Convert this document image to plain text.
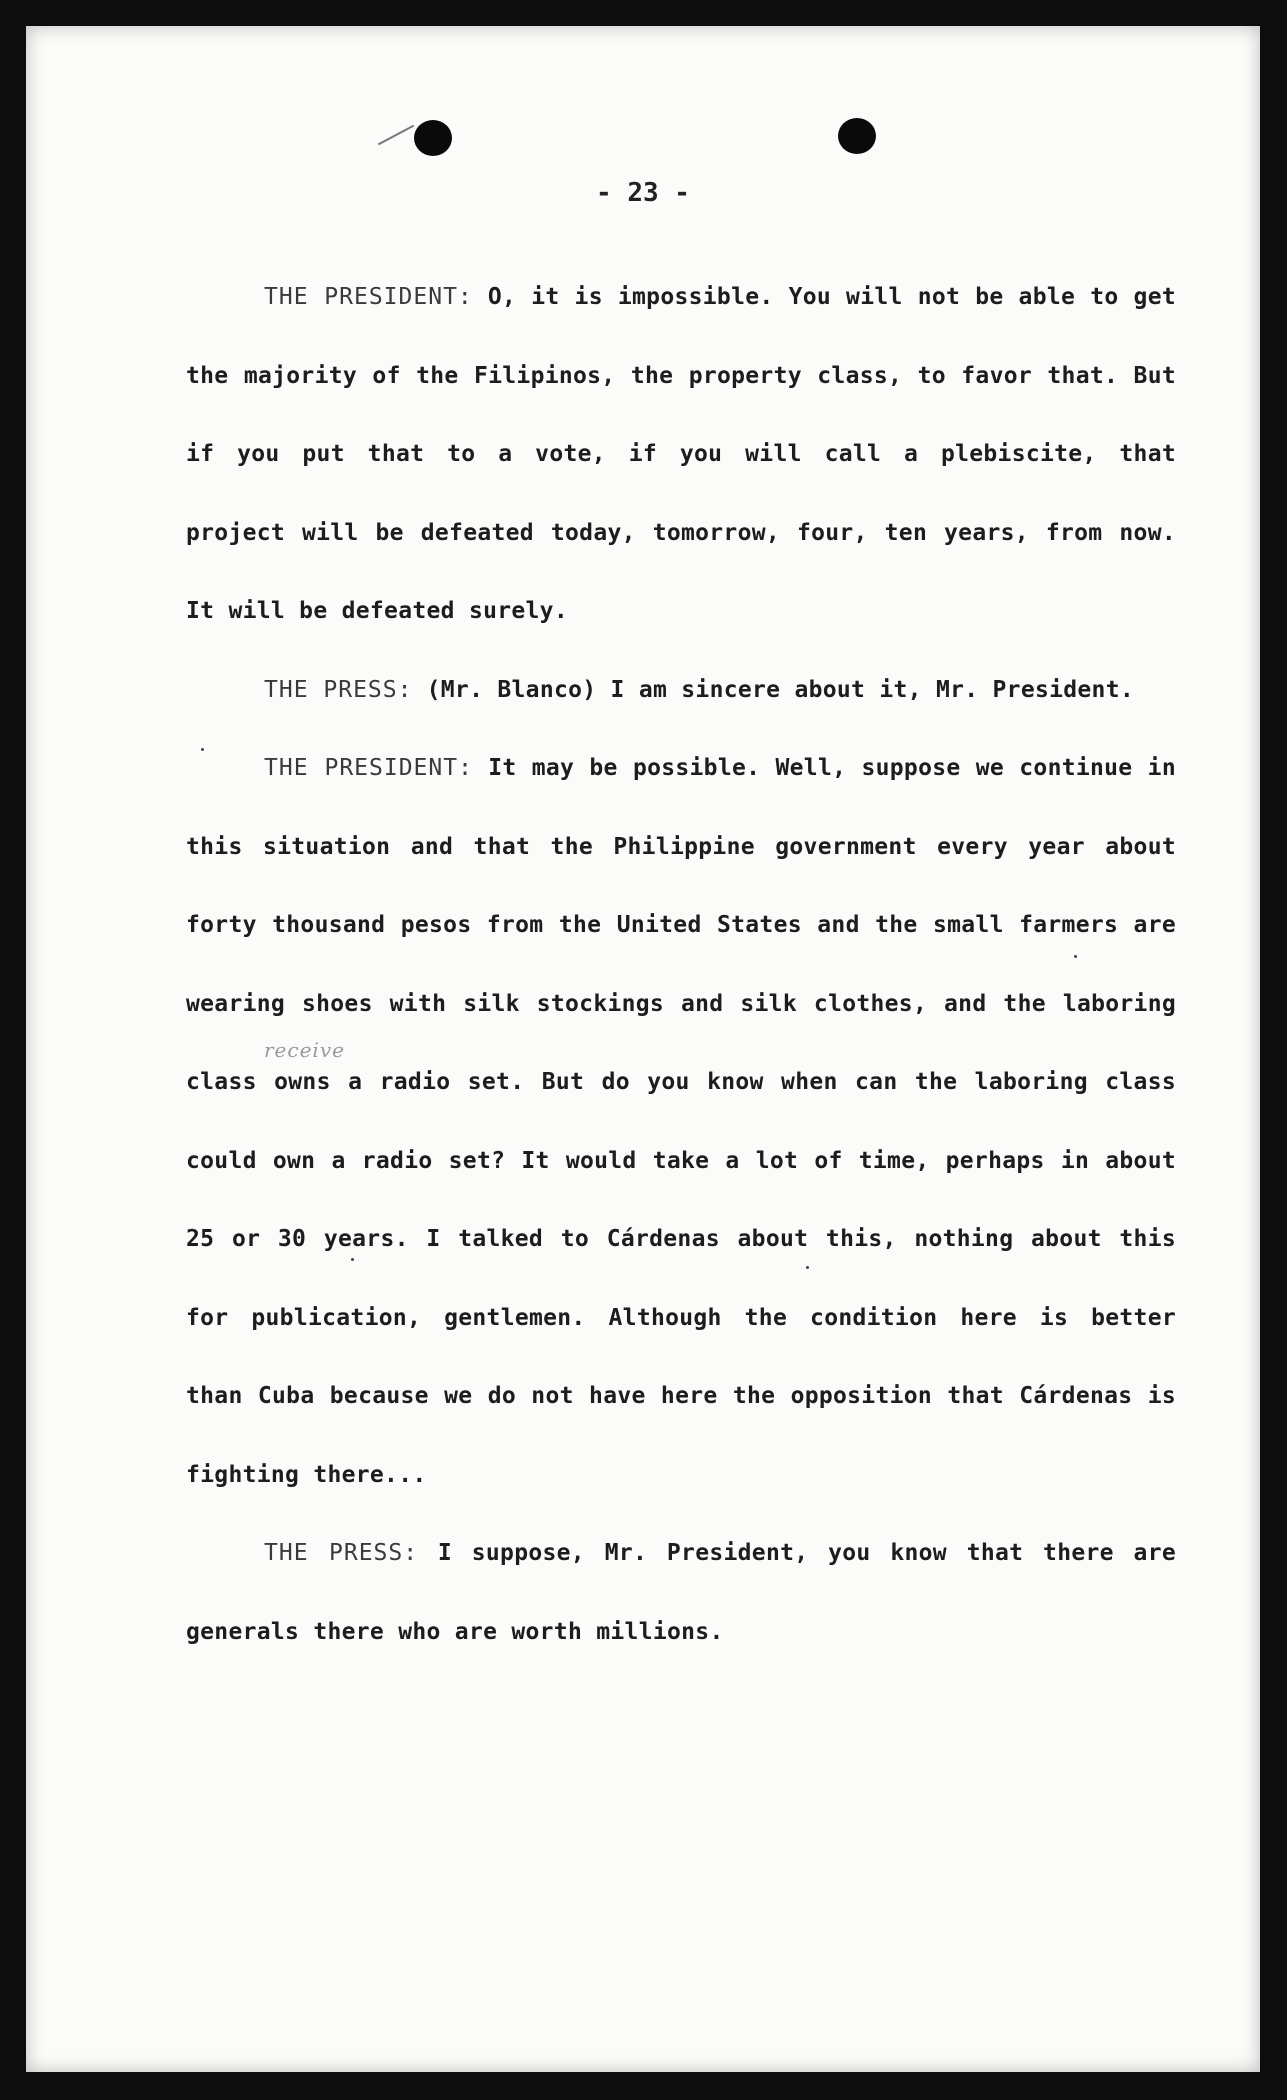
- 23 -
receive

THE PRESIDENT: O, it is impossible. You will not be able to get the majority of the Filipinos, the property class, to favor that. But if you put that to a vote, if you will call a plebiscite, that project will be defeated today, tomorrow, four, ten years, from now. It will be defeated surely.

THE PRESS: (Mr. Blanco) I am sincere about it, Mr. President.

THE PRESIDENT: It may be possible. Well, suppose we continue in this situation and that the Philippine government every year about forty thousand pesos from the United States and the small farmers are wearing shoes with silk stockings and silk clothes, and the laboring class owns a radio set. But do you know when can the laboring class could own a radio set? It would take a lot of time, perhaps in about 25 or 30 years. I talked to Cárdenas about this, nothing about this for publication, gentlemen. Although the condition here is better than Cuba because we do not have here the opposition that Cárdenas is fighting there...

THE PRESS: I suppose, Mr. President, you know that there are generals there who are worth millions.
